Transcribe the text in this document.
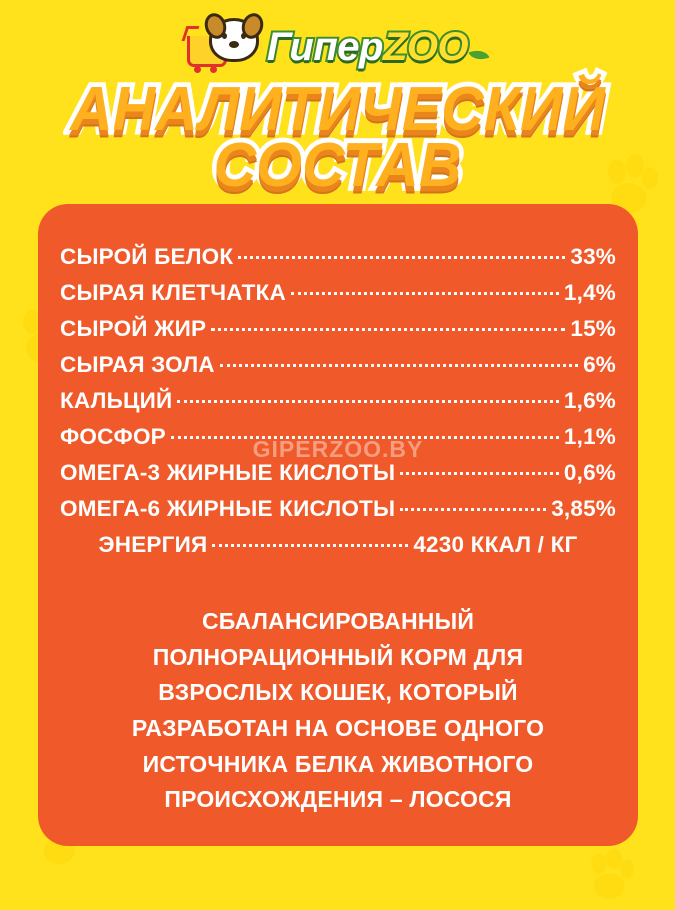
ГиперZOO
АНАЛИТИЧЕСКИЙ
СОСТАВ
СЫРОЙ БЕЛОК	33%
СЫРАЯ КЛЕТЧАТКА	1,4%
СЫРОЙ ЖИР	15%
СЫРАЯ ЗОЛА	6%
КАЛЬЦИЙ	1,6%
ФОСФОР	1,1%
ОМЕГА-3 ЖИРНЫЕ КИСЛОТЫ	0,6%
ОМЕГА-6 ЖИРНЫЕ КИСЛОТЫ	3,85%
ЭНЕРГИЯ	4230 ККАЛ / КГ
GIPERZOO.BY
СБАЛАНСИРОВАННЫЙ
ПОЛНОРАЦИОННЫЙ КОРМ ДЛЯ
ВЗРОСЛЫХ КОШЕК, КОТОРЫЙ
РАЗРАБОТАН НА ОСНОВЕ ОДНОГО
ИСТОЧНИКА БЕЛКА ЖИВОТНОГО
ПРОИСХОЖДЕНИЯ – ЛОСОСЯ
